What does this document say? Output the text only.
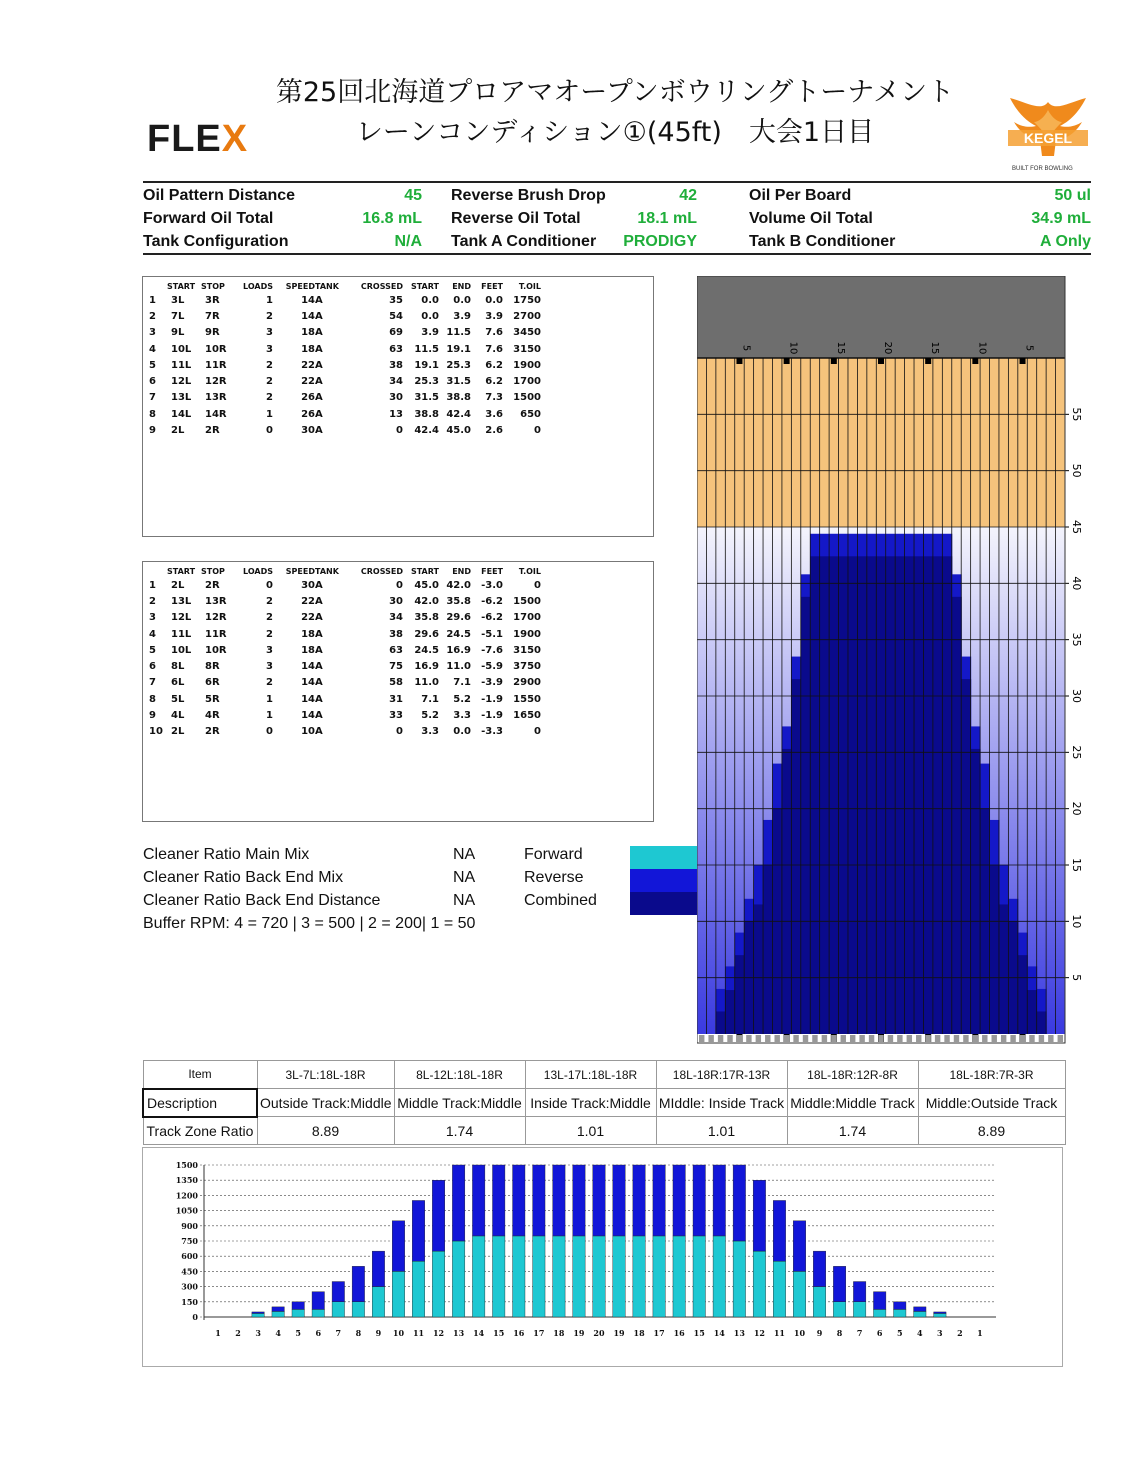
第25回北海道プロアマオープンボウリングトーナメント
レーンコンディション①(45ft)　大会1日目
FLEX	KEGEL
BUILT FOR BOWLING
Oil Pattern Distance	45 Reverse Brush Drop	42	Oil Per Board	50 ul
Forward Oil Total	16.8 mL Reverse Oil Total	18.1 mL	Volume Oil Total	34.9 mL
Tank Configuration	N/A Tank A Conditioner PRODIGY	Tank B Conditioner	A Only
	START	STOP	LOADS	SPEED	TANK	CROSSED	START	END	FEET	T.OIL
1	3L	3R	1	14	A	35	0.0	0.0	0.0	1750
2	7L	7R	2	14	A	54	0.0	3.9	3.9	2700
3	9L	9R	3	18	A	69	3.9	11.5	7.6	3450
4	10L	10R	3	18	A	63	11.5	19.1	7.6	3150
5	11L	11R	2	22	A	38	19.1	25.3	6.2	1900
6	12L	12R	2	22	A	34	25.3	31.5	6.2	1700
7	13L	13R	2	26	A	30	31.5	38.8	7.3	1500
8	14L	14R	1	26	A	13	38.8	42.4	3.6	650
9	2L	2R	0	30	A	0	42.4	45.0	2.6	0
	START	STOP	LOADS	SPEED	TANK	CROSSED	START	END	FEET	T.OIL
1	2L	2R	0	30	A	0	45.0	42.0	-3.0	0
2	13L	13R	2	22	A	30	42.0	35.8	-6.2	1500
3	12L	12R	2	22	A	34	35.8	29.6	-6.2	1700
4	11L	11R	2	18	A	38	29.6	24.5	-5.1	1900
5	10L	10R	3	18	A	63	24.5	16.9	-7.6	3150
6	8L	8R	3	14	A	75	16.9	11.0	-5.9	3750
7	6L	6R	2	14	A	58	11.0	7.1	-3.9	2900
8	5L	5R	1	14	A	31	7.1	5.2	-1.9	1550
9	4L	4R	1	14	A	33	5.2	3.3	-1.9	1650
10	2L	2R	0	10	A	0	3.3	0.0	-3.3	0
Cleaner Ratio Main Mix	NA	Forward
Cleaner Ratio Back End Mix	NA	Reverse
Cleaner Ratio Back End Distance	NA	Combined
Buffer RPM: 4 = 720 | 3 = 500 | 2 = 200| 1 = 50
5	10	15	20	15	10	5
55
50
45
40
35
30
25
20
15
10
5
Item	3L-7L:18L-18R	8L-12L:18L-18R	13L-17L:18L-18R	18L-18R:17R-13R	18L-18R:12R-8R	18L-18R:7R-3R
Description	Outside Track:Middle	Middle Track:Middle	Inside Track:Middle	MIddle: Inside Track	Middle:Middle Track	Middle:Outside Track
Track Zone Ratio	8.89	1.74	1.01	1.01	1.74	8.89
1500
1350
1200
1050
900
750
600
450
300
150
0
1 2 3 4 5 6 7 8 9 10 11 12 13 14 15 16 17 18 19 20 19 18 17 16 15 14 13 12 11 10 9 8 7 6 5 4 3 2 1
